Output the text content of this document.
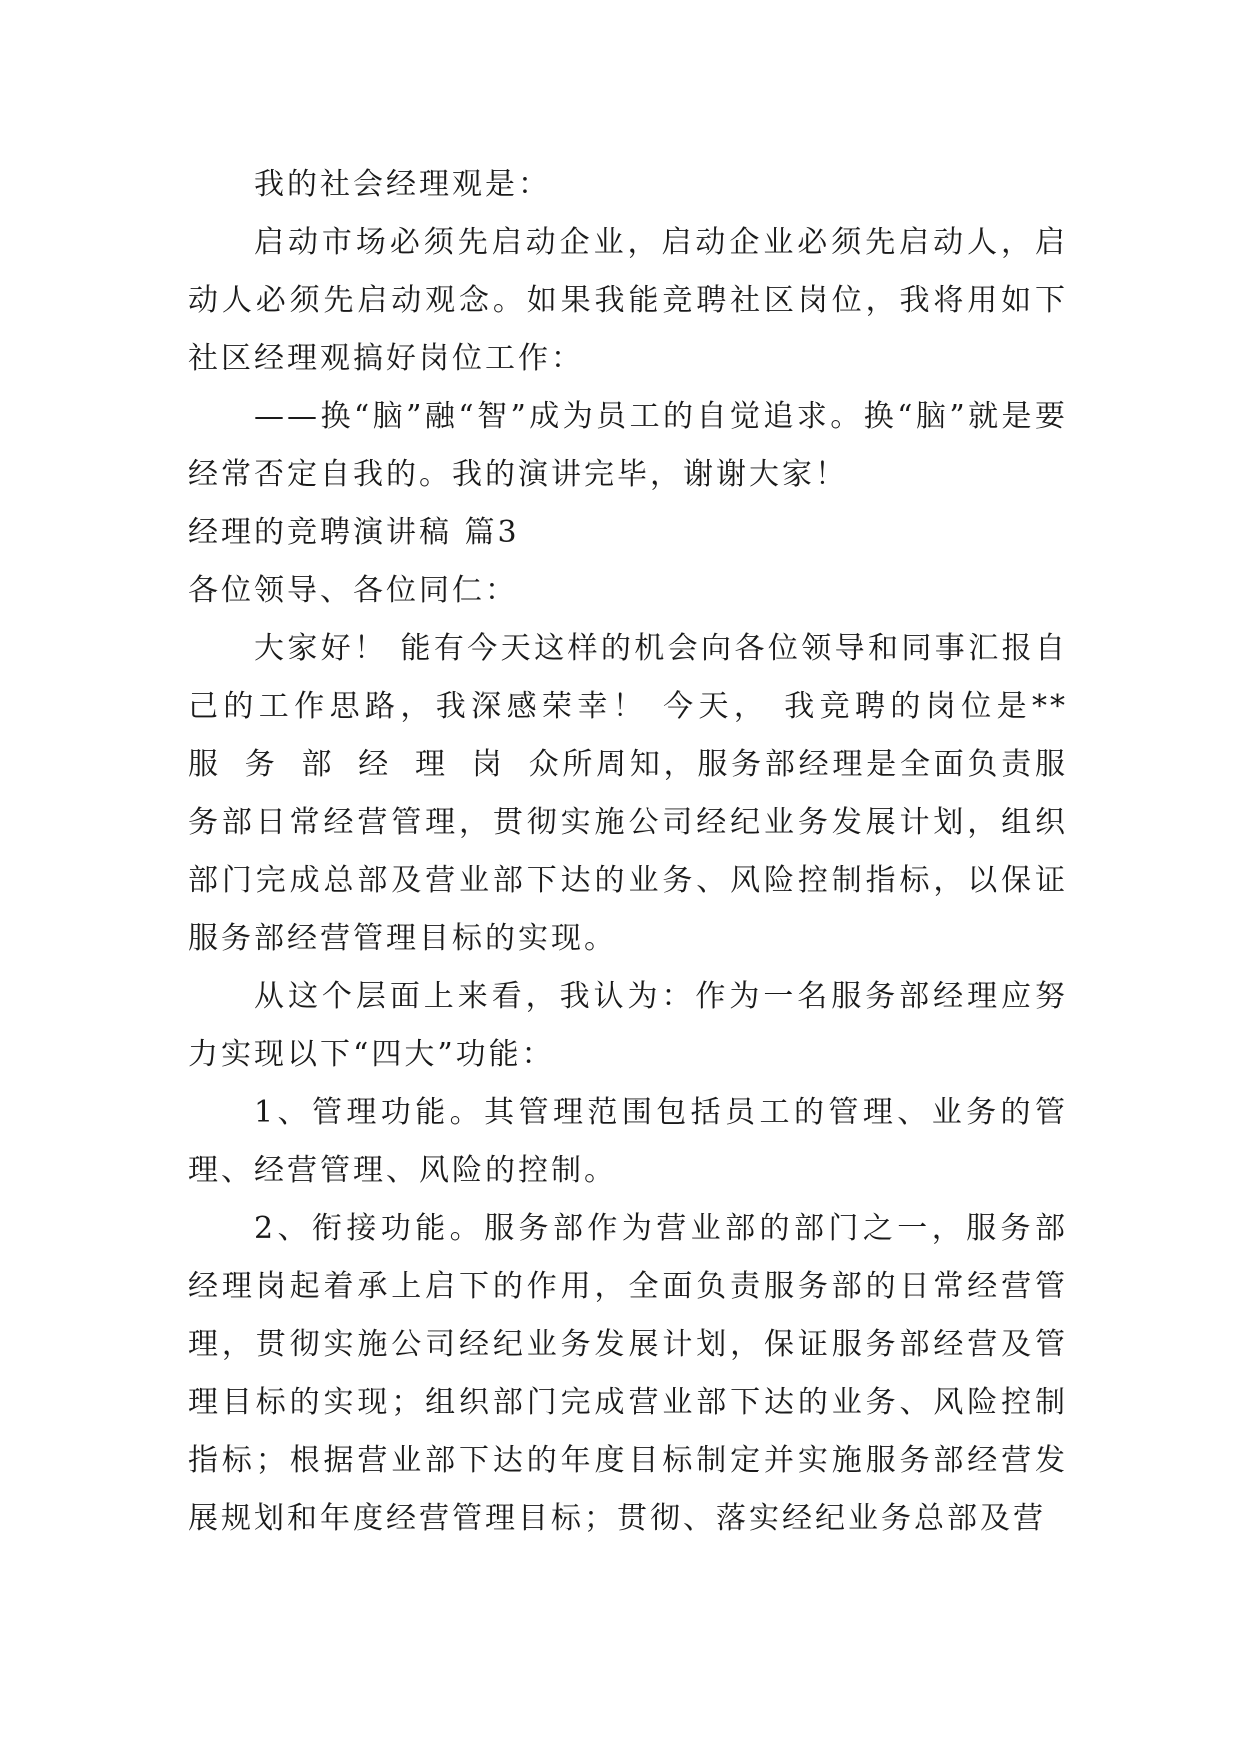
我的社会经理观是：

启动市场必须先启动企业，启动企业必须先启动人，启动人必须先启动观念。如果我能竞聘社区岗位，我将用如下社区经理观搞好岗位工作：

——换“脑”融“智”成为员工的自觉追求。换“脑”就是要经常否定自我的。我的演讲完毕，谢谢大家！

经理的竞聘演讲稿 篇3

各位领导、各位同仁：

大家好！ 能有今天这样的机会向各位领导和同事汇报自己的工作思路，我深感荣幸！ 今天， 我竞聘的岗位是** 服务部经理岗众所周知，服务部经理是全面负责服务部日常经营管理，贯彻实施公司经纪业务发展计划，组织部门完成总部及营业部下达的业务、风险控制指标，以保证服务部经营管理目标的实现。

从这个层面上来看，我认为：作为一名服务部经理应努力实现以下“四大”功能：

1、管理功能。其管理范围包括员工的管理、业务的管理、经营管理、风险的控制。

2、衔接功能。服务部作为营业部的部门之一，服务部经理岗起着承上启下的作用，全面负责服务部的日常经营管理，贯彻实施公司经纪业务发展计划，保证服务部经营及管理目标的实现；组织部门完成营业部下达的业务、风险控制指标；根据营业部下达的年度目标制定并实施服务部经营发展规划和年度经营管理目标；贯彻、落实经纪业务总部及营
